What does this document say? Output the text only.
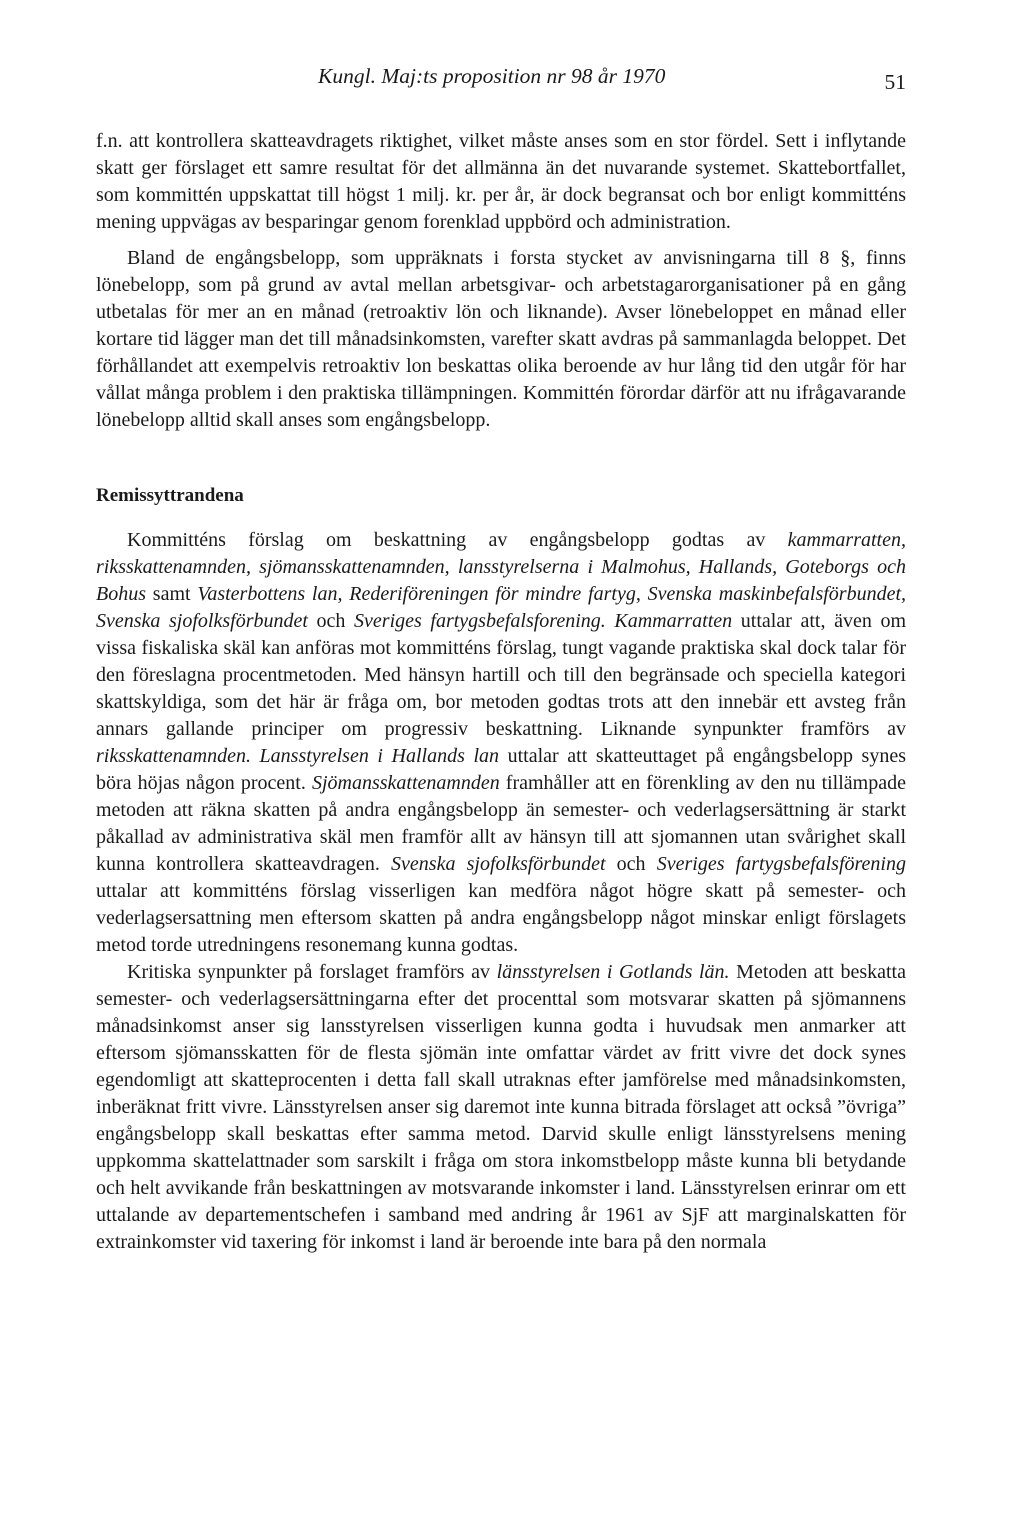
Kungl. Maj:ts proposition nr 98 år 1970	51

f.n. att kontrollera skatteavdragets riktighet, vilket måste anses som en stor fördel. Sett i inflytande skatt ger förslaget ett samre resultat för det allmänna än det nuvarande systemet. Skattebortfallet, som kommittén uppskattat till högst 1 milj. kr. per år, är dock begransat och bor enligt kommitténs mening uppvägas av besparingar genom forenklad uppbörd och administration.

Bland de engångsbelopp, som uppräknats i forsta stycket av anvisningarna till 8 §, finns lönebelopp, som på grund av avtal mellan arbetsgivar- och arbetstagarorganisationer på en gång utbetalas för mer an en månad (retroaktiv lön och liknande). Avser lönebeloppet en månad eller kortare tid lägger man det till månadsinkomsten, varefter skatt avdras på sammanlagda beloppet. Det förhållandet att exempelvis retroaktiv lon beskattas olika beroende av hur lång tid den utgår för har vållat många problem i den praktiska tillämpningen. Kommittén förordar därför att nu ifrågavarande lönebelopp alltid skall anses som engångsbelopp.

Remissyttrandena

Kommitténs förslag om beskattning av engångsbelopp godtas av kammarratten, riksskattenamnden, sjömansskattenamnden, lansstyrelserna i Malmohus, Hallands, Goteborgs och Bohus samt Vasterbottens lan, Rederiföreningen för mindre fartyg, Svenska maskinbefalsförbundet, Svenska sjofolksförbundet och Sveriges fartygsbefalsforening. Kammarratten uttalar att, även om vissa fiskaliska skäl kan anföras mot kommitténs förslag, tungt vagande praktiska skal dock talar för den föreslagna procentmetoden. Med hänsyn hartill och till den begränsade och speciella kategori skattskyldiga, som det här är fråga om, bor metoden godtas trots att den innebär ett avsteg från annars gallande principer om progressiv beskattning. Liknande synpunkter framförs av riksskattenamnden. Lansstyrelsen i Hallands lan uttalar att skatteuttaget på engångsbelopp synes böra höjas någon procent. Sjömansskattenamnden framhåller att en förenkling av den nu tillämpade metoden att räkna skatten på andra engångsbelopp än semester- och vederlagsersättning är starkt påkallad av administrativa skäl men framför allt av hänsyn till att sjomannen utan svårighet skall kunna kontrollera skatteavdragen. Svenska sjofolksförbundet och Sveriges fartygsbefalsförening uttalar att kommitténs förslag visserligen kan medföra något högre skatt på semester- och vederlagsersattning men eftersom skatten på andra engångsbelopp något minskar enligt förslagets metod torde utredningens resonemang kunna godtas.

Kritiska synpunkter på forslaget framförs av länsstyrelsen i Gotlands län. Metoden att beskatta semester- och vederlagsersättningarna efter det procenttal som motsvarar skatten på sjömannens månadsinkomst anser sig lansstyrelsen visserligen kunna godta i huvudsak men anmarker att eftersom sjömansskatten för de flesta sjömän inte omfattar värdet av fritt vivre det dock synes egendomligt att skatteprocenten i detta fall skall utraknas efter jamförelse med månadsinkomsten, inberäknat fritt vivre. Länsstyrelsen anser sig daremot inte kunna bitrada förslaget att också ”övriga” engångsbelopp skall beskattas efter samma metod. Darvid skulle enligt länsstyrelsens mening uppkomma skattelattnader som sarskilt i fråga om stora inkomstbelopp måste kunna bli betydande och helt avvikande från beskattningen av motsvarande inkomster i land. Länsstyrelsen erinrar om ett uttalande av departementschefen i samband med andring år 1961 av SjF att marginalskatten för extrainkomster vid taxering för inkomst i land är beroende inte bara på den normala
